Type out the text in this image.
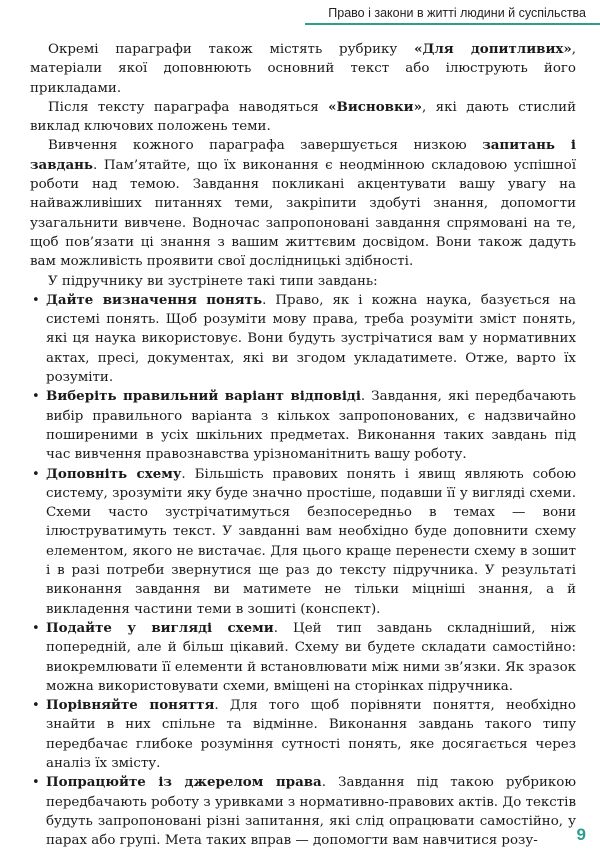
Право і закони в житті людини й суспільства

Окремі параграфи також містять рубрику «Для допитливих», матеріали якої доповнюють основний текст або ілюструють його прикладами.

Після тексту параграфа наводяться «Висновки», які дають стислий виклад ключових положень теми.

Вивчення кожного параграфа завершується низкою запитань і завдань. Пам’ятайте, що їх виконання є неодмінною складовою успішної роботи над темою. Завдання покликані акцентувати вашу увагу на найважливіших питаннях теми, закріпити здобуті знання, допомогти узагальнити вивчене. Водночас запропоновані завдання спрямовані на те, щоб пов’язати ці знання з вашим життєвим досвідом. Вони також дадуть вам можливість проявити свої дослідницькі здібності.

У підручнику ви зустрінете такі типи завдань:

• Дайте визначення понять. Право, як і кожна наука, базується на системі понять. Щоб розуміти мову права, треба розуміти зміст понять, які ця наука використовує. Вони будуть зустрічатися вам у нормативних актах, пресі, документах, які ви згодом укладатимете. Отже, варто їх розуміти.
• Виберіть правильний варіант відповіді. Завдання, які передбачають вибір правильного варіанта з кількох запропонованих, є надзвичайно поширеними в усіх шкільних предметах. Виконання таких завдань під час вивчення правознавства урізноманітнить вашу роботу.
• Доповніть схему. Більшість правових понять і явищ являють собою систему, зрозуміти яку буде значно простіше, подавши її у вигляді схеми. Схеми часто зустрічатимуться безпосередньо в темах — вони ілюструватимуть текст. У завданні вам необхідно буде доповнити схему елементом, якого не вистачає. Для цього краще перенести схему в зошит і в разі потреби звернутися ще раз до тексту підручника. У результаті виконання завдання ви матимете не тільки міцніші знання, а й викладення частини теми в зошиті (конспект).
• Подайте у вигляді схеми. Цей тип завдань складніший, ніж попередній, але й більш цікавий. Схему ви будете складати самостійно: виокремлювати її елементи й встановлювати між ними зв’язки. Як зразок можна використовувати схеми, вміщені на сторінках підручника.
• Порівняйте поняття. Для того щоб порівняти поняття, необхідно знайти в них спільне та відмінне. Виконання завдань такого типу передбачає глибоке розуміння сутності понять, яке досягається через аналіз їх змісту.
• Попрацюйте із джерелом права. Завдання під такою рубрикою передбачають роботу з уривками з нормативно-правових актів. До текстів будуть запропоновані різні запитання, які слід опрацювати самостійно, у парах або групі. Мета таких вправ — допомогти вам навчитися розу-	9
